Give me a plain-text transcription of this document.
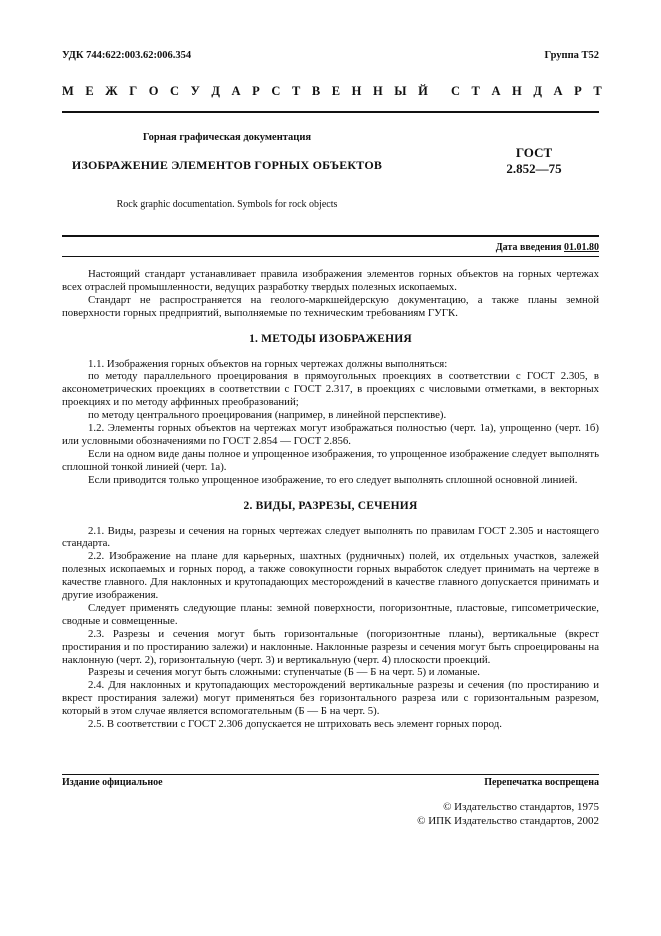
УДК 744:622:003.62:006.354	Группа Т52
М Е Ж Г О С У Д А Р С Т В Е Н Н Ы Й С Т А Н Д А Р Т
Горная графическая документация
ИЗОБРАЖЕНИЕ ЭЛЕМЕНТОВ ГОРНЫХ ОБЪЕКТОВ
Rock graphic documentation. Symbols for rock objects
ГОСТ
2.852—75
Дата введения 01.01.80

Настоящий стандарт устанавливает правила изображения элементов горных объектов на горных чертежах всех отраслей промышленности, ведущих разработку твердых полезных ископаемых.

Стандарт не распространяется на геолого-маркшейдерскую документацию, а также планы земной поверхности горных предприятий, выполняемые по техническим требованиям ГУГК.

1. МЕТОДЫ ИЗОБРАЖЕНИЯ

1.1. Изображения горных объектов на горных чертежах должны выполняться:

по методу параллельного проецирования в прямоугольных проекциях в соответствии с ГОСТ 2.305, в аксонометрических проекциях в соответствии с ГОСТ 2.317, в проекциях с числовыми отметками, в векторных проекциях и по методу аффинных преобразований;

по методу центрального проецирования (например, в линейной перспективе).

1.2. Элементы горных объектов на чертежах могут изображаться полностью (черт. 1а), упрощенно (черт. 1б) или условными обозначениями по ГОСТ 2.854 — ГОСТ 2.856.

Если на одном виде даны полное и упрощенное изображения, то упрощенное изображение следует выполнять сплошной тонкой линией (черт. 1а).

Если приводится только упрощенное изображение, то его следует выполнять сплошной основной линией.

2. ВИДЫ, РАЗРЕЗЫ, СЕЧЕНИЯ

2.1. Виды, разрезы и сечения на горных чертежах следует выполнять по правилам ГОСТ 2.305 и настоящего стандарта.

2.2. Изображение на плане для карьерных, шахтных (рудничных) полей, их отдельных участков, залежей полезных ископаемых и горных пород, а также совокупности горных выработок следует принимать на чертеже в качестве главного. Для наклонных и крутопадающих месторождений в качестве главного допускается принимать и другие изображения.

Следует применять следующие планы: земной поверхности, погоризонтные, пластовые, гипсометрические, сводные и совмещенные.

2.3. Разрезы и сечения могут быть горизонтальные (погоризонтные планы), вертикальные (вкрест простирания и по простиранию залежи) и наклонные. Наклонные разрезы и сечения могут быть спроецированы на наклонную (черт. 2), горизонтальную (черт. 3) и вертикальную (черт. 4) плоскости проекций.

Разрезы и сечения могут быть сложными: ступенчатые (Б — Б на черт. 5) и ломаные.

2.4. Для наклонных и крутопадающих месторождений вертикальные разрезы и сечения (по простиранию и вкрест простирания залежи) могут применяться без горизонтального разреза или с горизонтальным разрезом, который в этом случае является вспомогательным (Б — Б на черт. 5).

2.5. В соответствии с ГОСТ 2.306 допускается не штриховать весь элемент горных пород.

Издание официальное	Перепечатка воспрещена
© Издательство стандартов, 1975
© ИПК Издательство стандартов, 2002
